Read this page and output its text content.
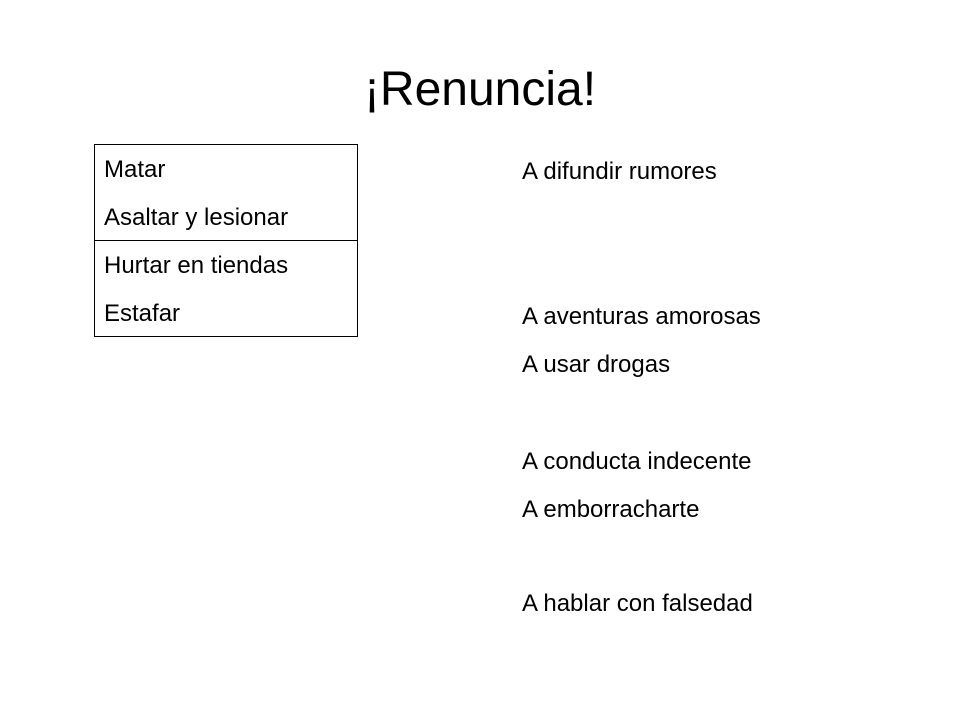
¡Renuncia!
Matar
Asaltar y lesionar
Hurtar en tiendas
Estafar
A difundir rumores
A aventuras amorosas
A usar drogas
A conducta indecente
A emborracharte
A hablar con falsedad
